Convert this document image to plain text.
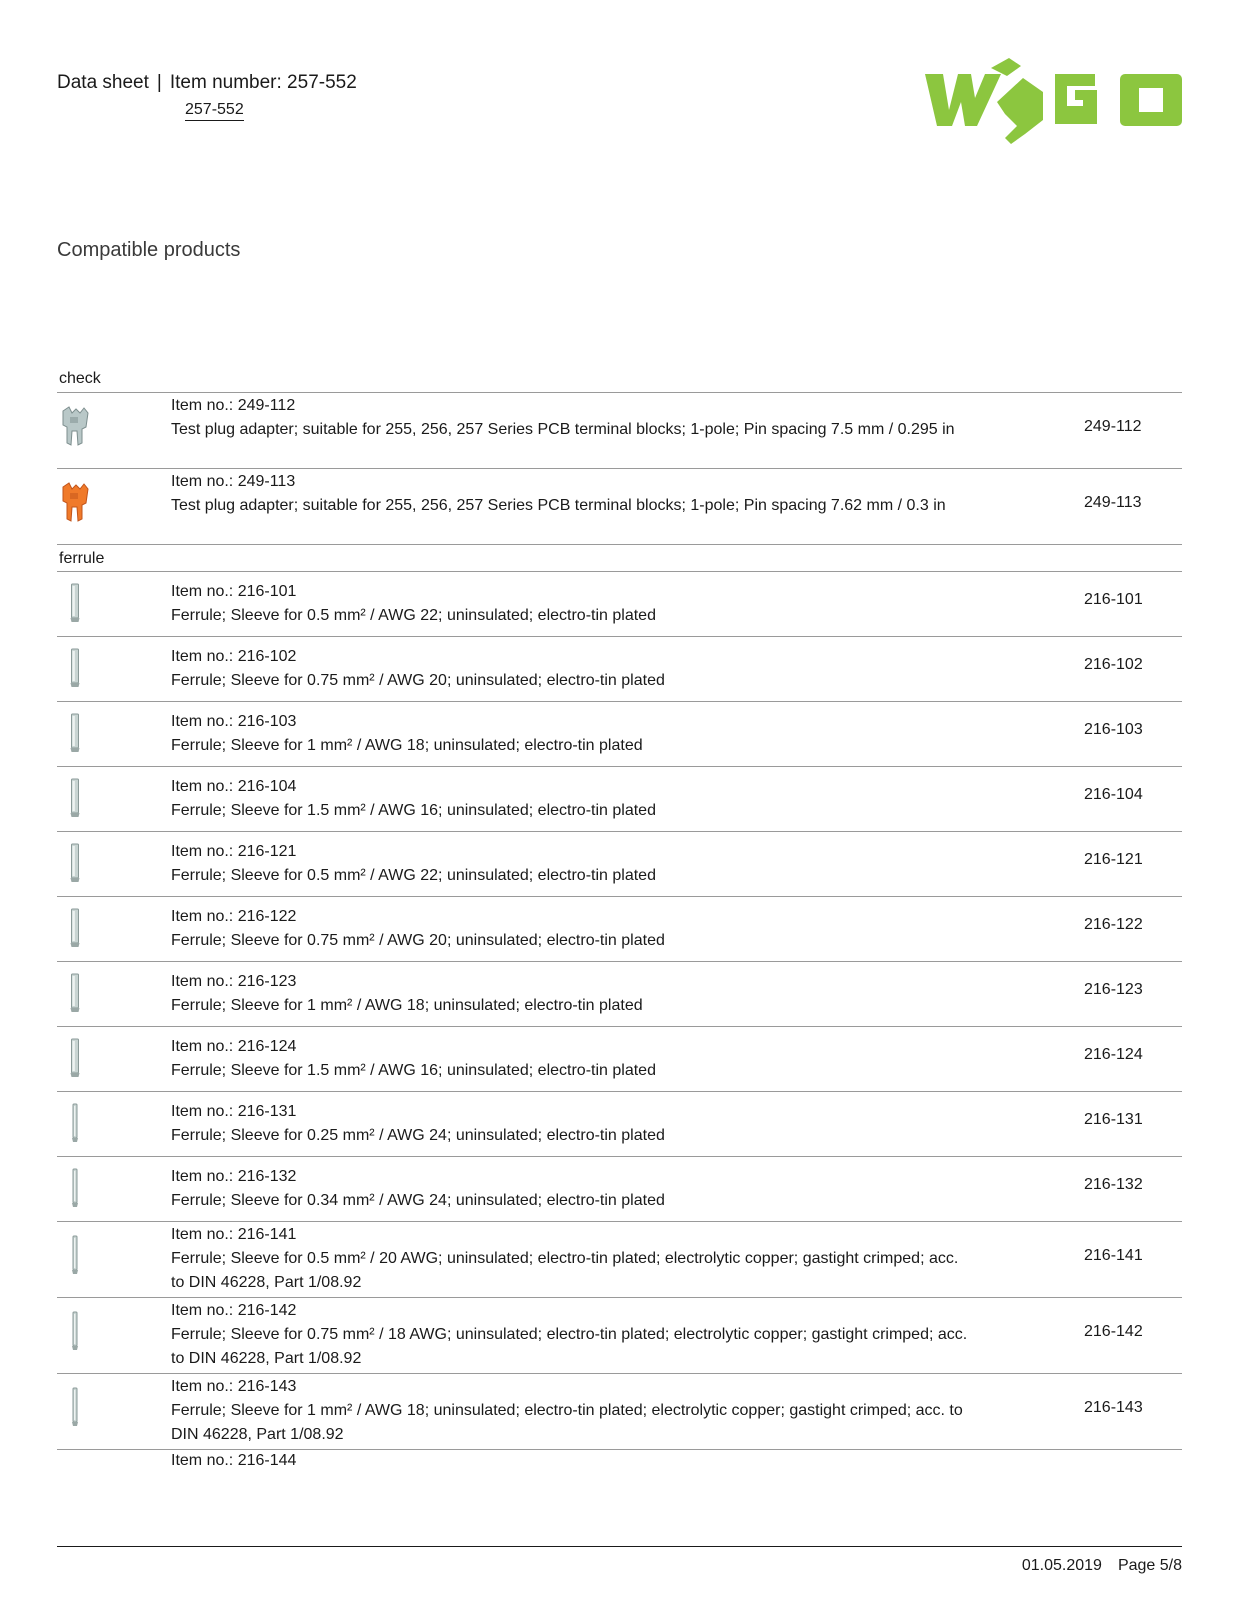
Data sheet | Item number: 257-552
257-552
Compatible products
check
Item no.: 249-112
Test plug adapter; suitable for 255, 256, 257 Series PCB terminal blocks; 1-pole; Pin spacing 7.5 mm / 0.295 in	249-112
Item no.: 249-113
Test plug adapter; suitable for 255, 256, 257 Series PCB terminal blocks; 1-pole; Pin spacing 7.62 mm / 0.3 in	249-113
ferrule
Item no.: 216-101
Ferrule; Sleeve for 0.5 mm² / AWG 22; uninsulated; electro-tin plated
216-101
Item no.: 216-102
Ferrule; Sleeve for 0.75 mm² / AWG 20; uninsulated; electro-tin plated
216-102
Item no.: 216-103
Ferrule; Sleeve for 1 mm² / AWG 18; uninsulated; electro-tin plated
216-103
Item no.: 216-104
Ferrule; Sleeve for 1.5 mm² / AWG 16; uninsulated; electro-tin plated
216-104
Item no.: 216-121
Ferrule; Sleeve for 0.5 mm² / AWG 22; uninsulated; electro-tin plated
216-121
Item no.: 216-122
Ferrule; Sleeve for 0.75 mm² / AWG 20; uninsulated; electro-tin plated
216-122
Item no.: 216-123
Ferrule; Sleeve for 1 mm² / AWG 18; uninsulated; electro-tin plated
216-123
Item no.: 216-124
Ferrule; Sleeve for 1.5 mm² / AWG 16; uninsulated; electro-tin plated
216-124
Item no.: 216-131
Ferrule; Sleeve for 0.25 mm² / AWG 24; uninsulated; electro-tin plated
216-131
Item no.: 216-132
Ferrule; Sleeve for 0.34 mm² / AWG 24; uninsulated; electro-tin plated
216-132
Item no.: 216-141
Ferrule; Sleeve for 0.5 mm² / 20 AWG; uninsulated; electro-tin plated; electrolytic copper; gastight crimped; acc. to DIN 46228, Part 1/08.92
216-141
Item no.: 216-142
Ferrule; Sleeve for 0.75 mm² / 18 AWG; uninsulated; electro-tin plated; electrolytic copper; gastight crimped; acc. to DIN 46228, Part 1/08.92
216-142
Item no.: 216-143
Ferrule; Sleeve for 1 mm² / AWG 18; uninsulated; electro-tin plated; electrolytic copper; gastight crimped; acc. to DIN 46228, Part 1/08.92
216-143
Item no.: 216-144
01.05.2019 Page 5/8
